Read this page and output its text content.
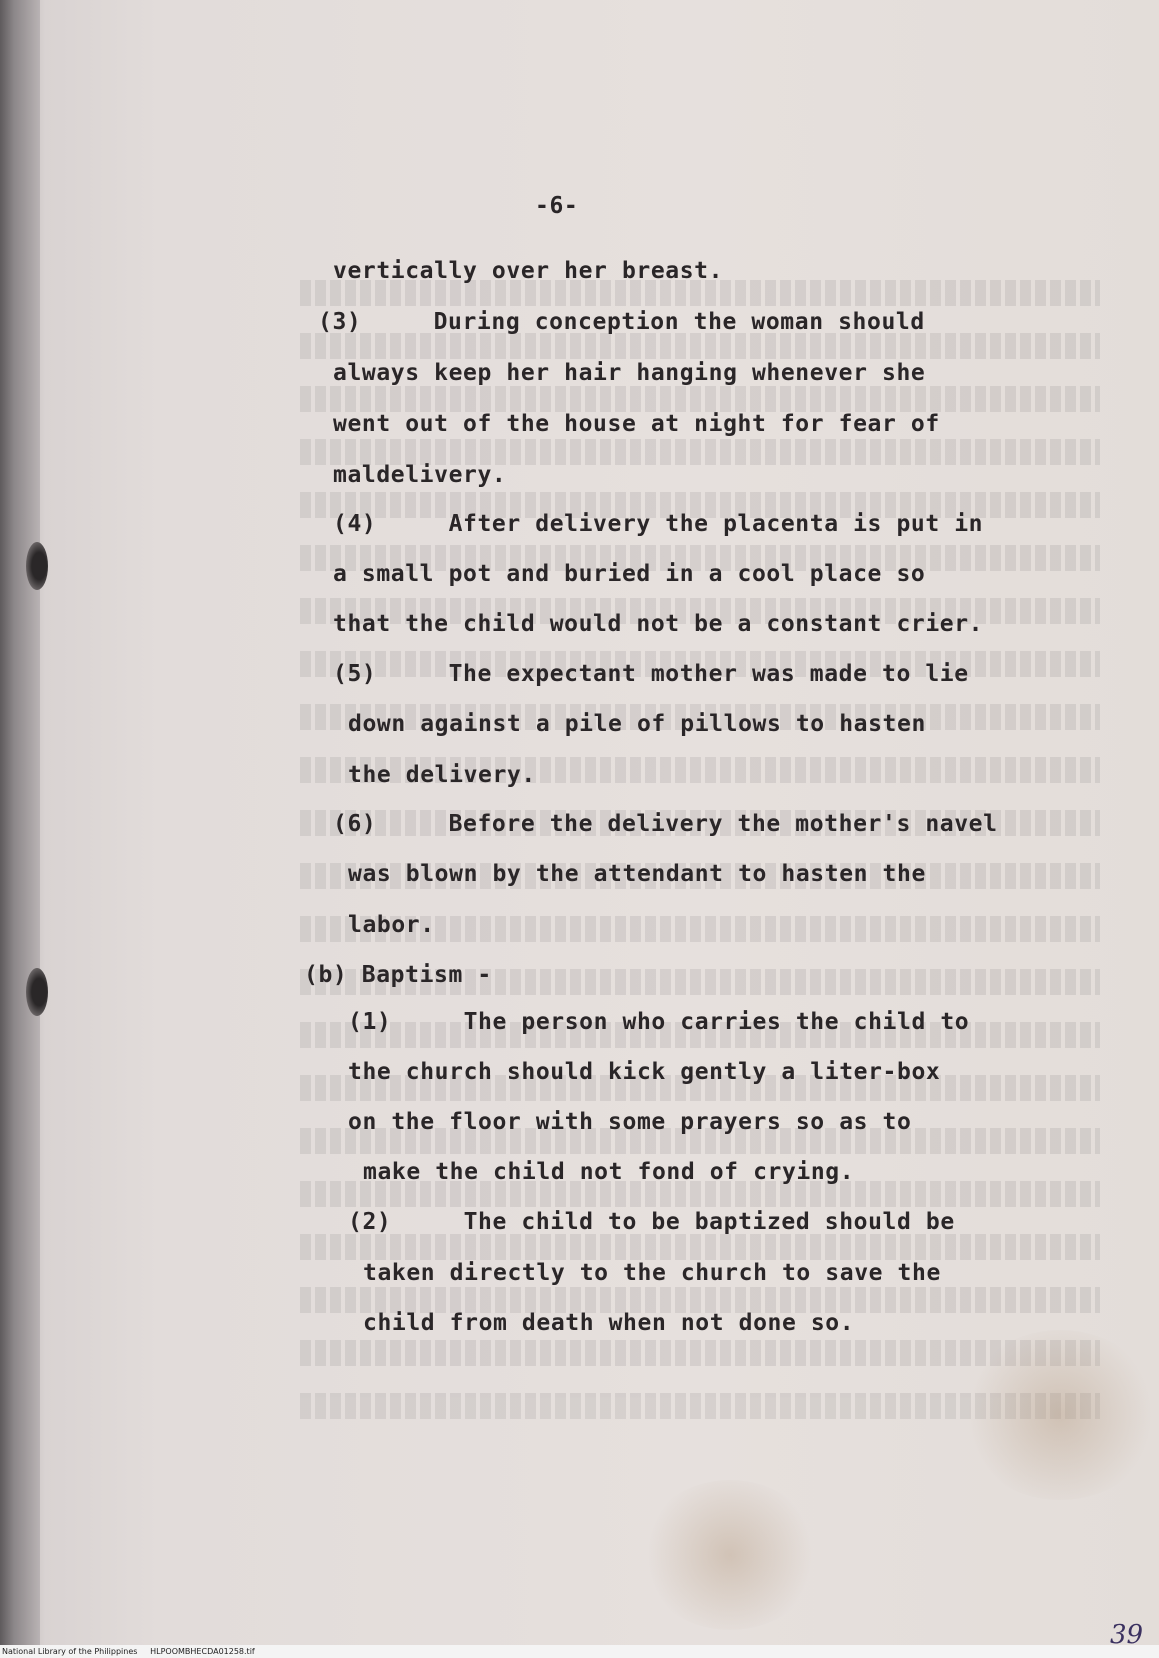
-6-

vertically over her breast.

(3)     During conception the woman should

always keep her hair hanging whenever she

went out of the house at night for fear of

maldelivery.

(4)     After delivery the placenta is put in

a small pot and buried in a cool place so

that the child would not be a constant crier.

(5)     The expectant mother was made to lie

down against a pile of pillows to hasten

the delivery.

(6)     Before the delivery the mother's navel

was blown by the attendant to hasten the

labor.

(b) Baptism -

(1)     The person who carries the child to

the church should kick gently a liter-box

on the floor with some prayers so as to

make the child not fond of crying.

(2)     The child to be baptized should be

taken directly to the church to save the

child from death when not done so.

39
National Library of the Philippines     HLPOOMBHECDA01258.tif
